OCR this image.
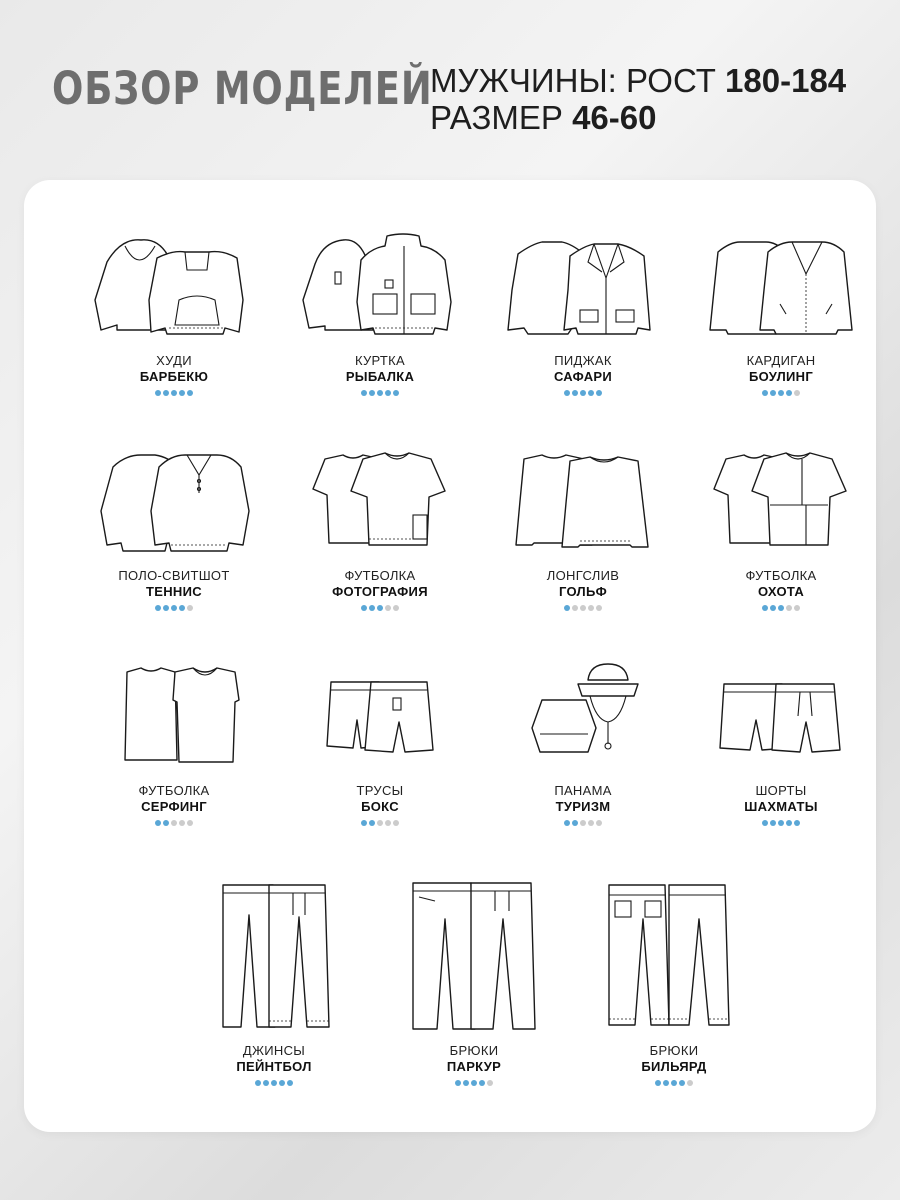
ОБЗОР МОДЕЛЕЙ
МУЖЧИНЫ: РОСТ 180-184
РАЗМЕР 46-60
ХУДИ
БАРБЕКЮ
КУРТКА
РЫБАЛКА
ПИДЖАК
САФАРИ
КАРДИГАН
БОУЛИНГ
ПОЛО-СВИТШОТ
ТЕННИС
ФУТБОЛКА
ФОТОГРАФИЯ
ЛОНГСЛИВ
ГОЛЬФ
ФУТБОЛКА
ОХОТА
ФУТБОЛКА
СЕРФИНГ
ТРУСЫ
БОКС
ПАНАМА
ТУРИЗМ
ШОРТЫ
ШАХМАТЫ
ДЖИНСЫ
ПЕЙНТБОЛ
БРЮКИ
ПАРКУР
БРЮКИ
БИЛЬЯРД
